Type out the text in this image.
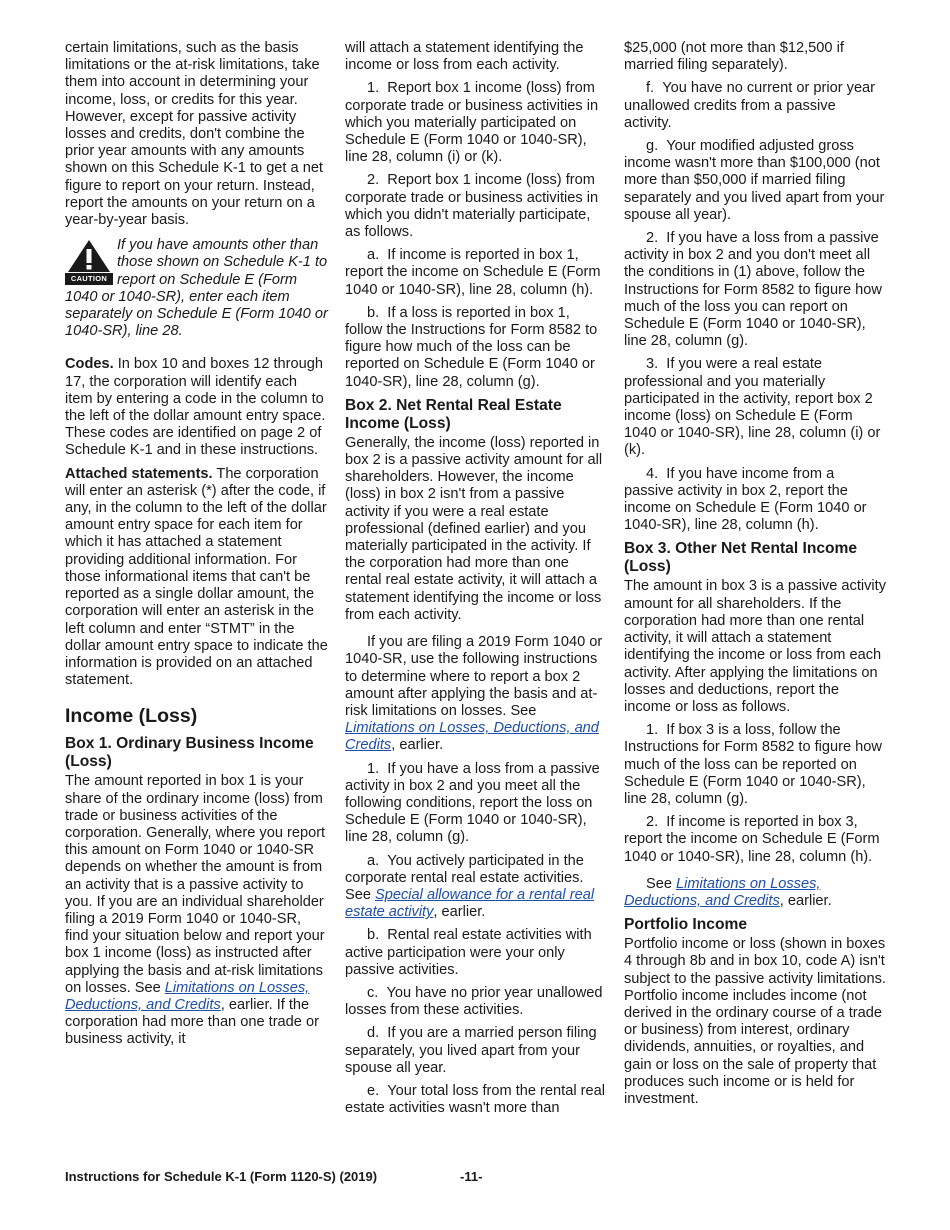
certain limitations, such as the basis limitations or the at-risk limitations, take them into account in determining your income, loss, or credits for this year. However, except for passive activity losses and credits, don't combine the prior year amounts with any amounts shown on this Schedule K-1 to get a net figure to report on your return. Instead, report the amounts on your return on a year-by-year basis.

CAUTION
If you have amounts other than those shown on Schedule K-1 to report on Schedule E (Form 1040 or 1040-SR), enter each item separately on Schedule E (Form 1040 or 1040-SR), line 28.

Codes. In box 10 and boxes 12 through 17, the corporation will identify each item by entering a code in the column to the left of the dollar amount entry space. These codes are identified on page 2 of Schedule K-1 and in these instructions.

Attached statements. The corporation will enter an asterisk (*) after the code, if any, in the column to the left of the dollar amount entry space for each item for which it has attached a statement providing additional information. For those informational items that can't be reported as a single dollar amount, the corporation will enter an asterisk in the left column and enter “STMT” in the dollar amount entry space to indicate the information is provided on an attached statement.

Income (Loss)
Box 1. Ordinary Business Income (Loss)

The amount reported in box 1 is your share of the ordinary income (loss) from trade or business activities of the corporation. Generally, where you report this amount on Form 1040 or 1040-SR depends on whether the amount is from an activity that is a passive activity to you. If you are an individual shareholder filing a 2019 Form 1040 or 1040-SR, find your situation below and report your box 1 income (loss) as instructed after applying the basis and at-risk limitations on losses. See Limitations on Losses, Deductions, and Credits, earlier. If the corporation had more than one trade or business activity, it

will attach a statement identifying the income or loss from each activity.

1.  Report box 1 income (loss) from corporate trade or business activities in which you materially participated on Schedule E (Form 1040 or 1040-SR), line 28, column (i) or (k).

2.  Report box 1 income (loss) from corporate trade or business activities in which you didn't materially participate, as follows.

a.  If income is reported in box 1, report the income on Schedule E (Form 1040 or 1040-SR), line 28, column (h).

b.  If a loss is reported in box 1, follow the Instructions for Form 8582 to figure how much of the loss can be reported on Schedule E (Form 1040 or 1040-SR), line 28, column (g).

Box 2. Net Rental Real Estate Income (Loss)

Generally, the income (loss) reported in box 2 is a passive activity amount for all shareholders. However, the income (loss) in box 2 isn't from a passive activity if you were a real estate professional (defined earlier) and you materially participated in the activity. If the corporation had more than one rental real estate activity, it will attach a statement identifying the income or loss from each activity.

If you are filing a 2019 Form 1040 or 1040-SR, use the following instructions to determine where to report a box 2 amount after applying the basis and at-risk limitations on losses. See Limitations on Losses, Deductions, and Credits, earlier.

1.  If you have a loss from a passive activity in box 2 and you meet all the following conditions, report the loss on Schedule E (Form 1040 or 1040-SR), line 28, column (g).

a.  You actively participated in the corporate rental real estate activities. See Special allowance for a rental real estate activity, earlier.

b.  Rental real estate activities with active participation were your only passive activities.

c.  You have no prior year unallowed losses from these activities.

d.  If you are a married person filing separately, you lived apart from your spouse all year.

e.  Your total loss from the rental real estate activities wasn't more than

$25,000 (not more than $12,500 if married filing separately).

f.  You have no current or prior year unallowed credits from a passive activity.

g.  Your modified adjusted gross income wasn't more than $100,000 (not more than $50,000 if married filing separately and you lived apart from your spouse all year).

2.  If you have a loss from a passive activity in box 2 and you don't meet all the conditions in (1) above, follow the Instructions for Form 8582 to figure how much of the loss you can report on Schedule E (Form 1040 or 1040-SR), line 28, column (g).

3.  If you were a real estate professional and you materially participated in the activity, report box 2 income (loss) on Schedule E (Form 1040 or 1040-SR), line 28, column (i) or (k).

4.  If you have income from a passive activity in box 2, report the income on Schedule E (Form 1040 or 1040-SR), line 28, column (h).

Box 3. Other Net Rental Income (Loss)

The amount in box 3 is a passive activity amount for all shareholders. If the corporation had more than one rental activity, it will attach a statement identifying the income or loss from each activity. After applying the limitations on losses and deductions, report the income or loss as follows.

1.  If box 3 is a loss, follow the Instructions for Form 8582 to figure how much of the loss can be reported on Schedule E (Form 1040 or 1040-SR), line 28, column (g).

2.  If income is reported in box 3, report the income on Schedule E (Form 1040 or 1040-SR), line 28, column (h).

See Limitations on Losses, Deductions, and Credits, earlier.

Portfolio Income

Portfolio income or loss (shown in boxes 4 through 8b and in box 10, code A) isn't subject to the passive activity limitations. Portfolio income includes income (not derived in the ordinary course of a trade or business) from interest, ordinary dividends, annuities, or royalties, and gain or loss on the sale of property that produces such income or is held for investment.

Instructions for Schedule K-1 (Form 1120-S) (2019)	-11-
